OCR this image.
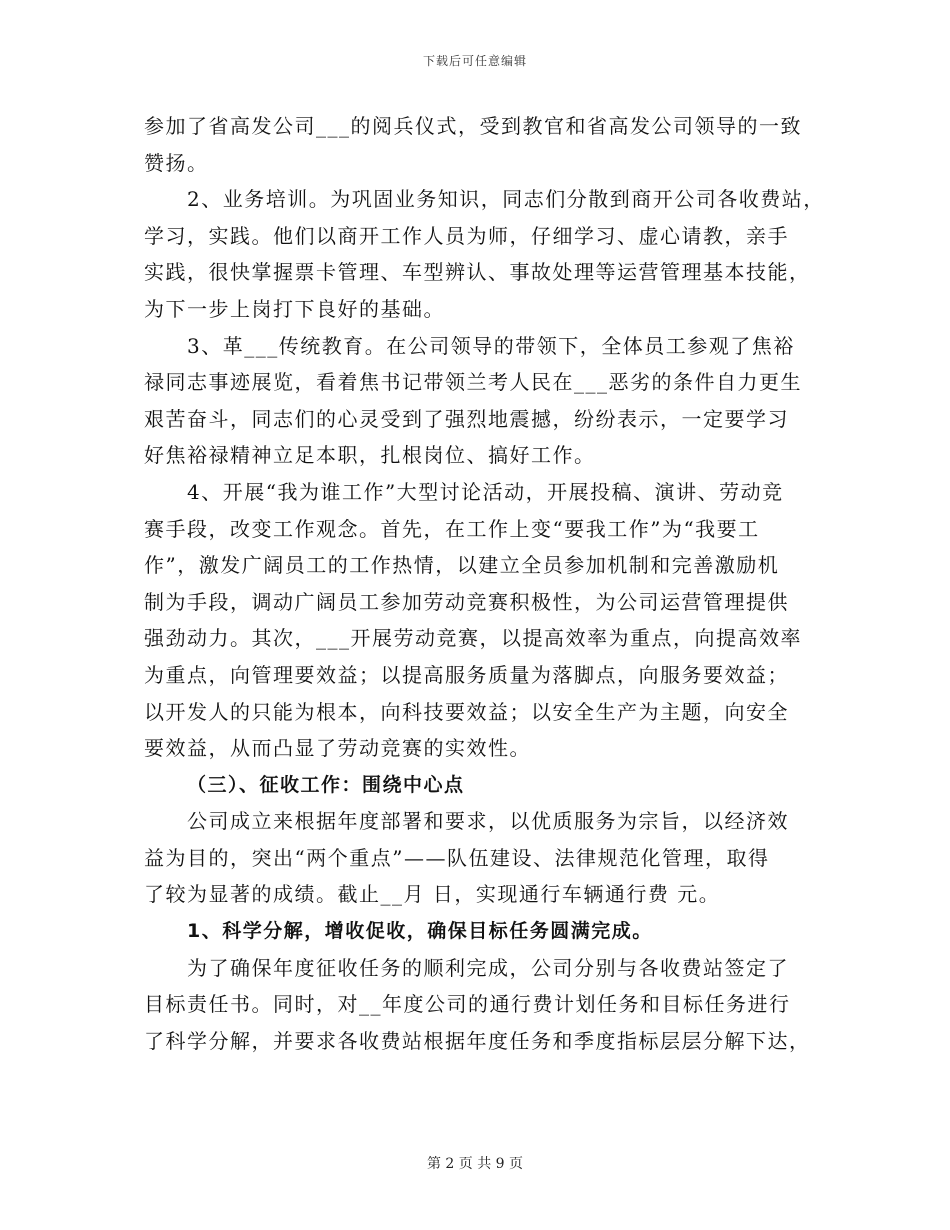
下载后可任意编辑
参加了省高发公司___的阅兵仪式，受到教官和省高发公司领导的一致
赞扬。
2、业务培训。为巩固业务知识，同志们分散到商开公司各收费站，
学习，实践。他们以商开工作人员为师，仔细学习、虚心请教，亲手
实践，很快掌握票卡管理、车型辨认、事故处理等运营管理基本技能，
为下一步上岗打下良好的基础。
3、革___传统教育。在公司领导的带领下，全体员工参观了焦裕
禄同志事迹展览，看着焦书记带领兰考人民在___恶劣的条件自力更生
艰苦奋斗，同志们的心灵受到了强烈地震撼，纷纷表示，一定要学习
好焦裕禄精神立足本职，扎根岗位、搞好工作。
4、开展“我为谁工作”大型讨论活动，开展投稿、演讲、劳动竞
赛手段，改变工作观念。首先，在工作上变“要我工作”为“我要工
作”，激发广阔员工的工作热情，以建立全员参加机制和完善激励机
制为手段，调动广阔员工参加劳动竞赛积极性，为公司运营管理提供
强劲动力。其次，___开展劳动竞赛，以提高效率为重点，向提高效率
为重点，向管理要效益；以提高服务质量为落脚点，向服务要效益；
以开发人的只能为根本，向科技要效益；以安全生产为主题，向安全
要效益，从而凸显了劳动竞赛的实效性。
（三）、征收工作：围绕中心点
公司成立来根据年度部署和要求，以优质服务为宗旨，以经济效
益为目的，突出“两个重点”——队伍建设、法律规范化管理，取得
了较为显著的成绩。截止__月 日，实现通行车辆通行费 元。
1、科学分解，增收促收，确保目标任务圆满完成。
为了确保年度征收任务的顺利完成，公司分别与各收费站签定了
目标责任书。同时，对__年度公司的通行费计划任务和目标任务进行
了科学分解，并要求各收费站根据年度任务和季度指标层层分解下达，
第 2 页 共 9 页
